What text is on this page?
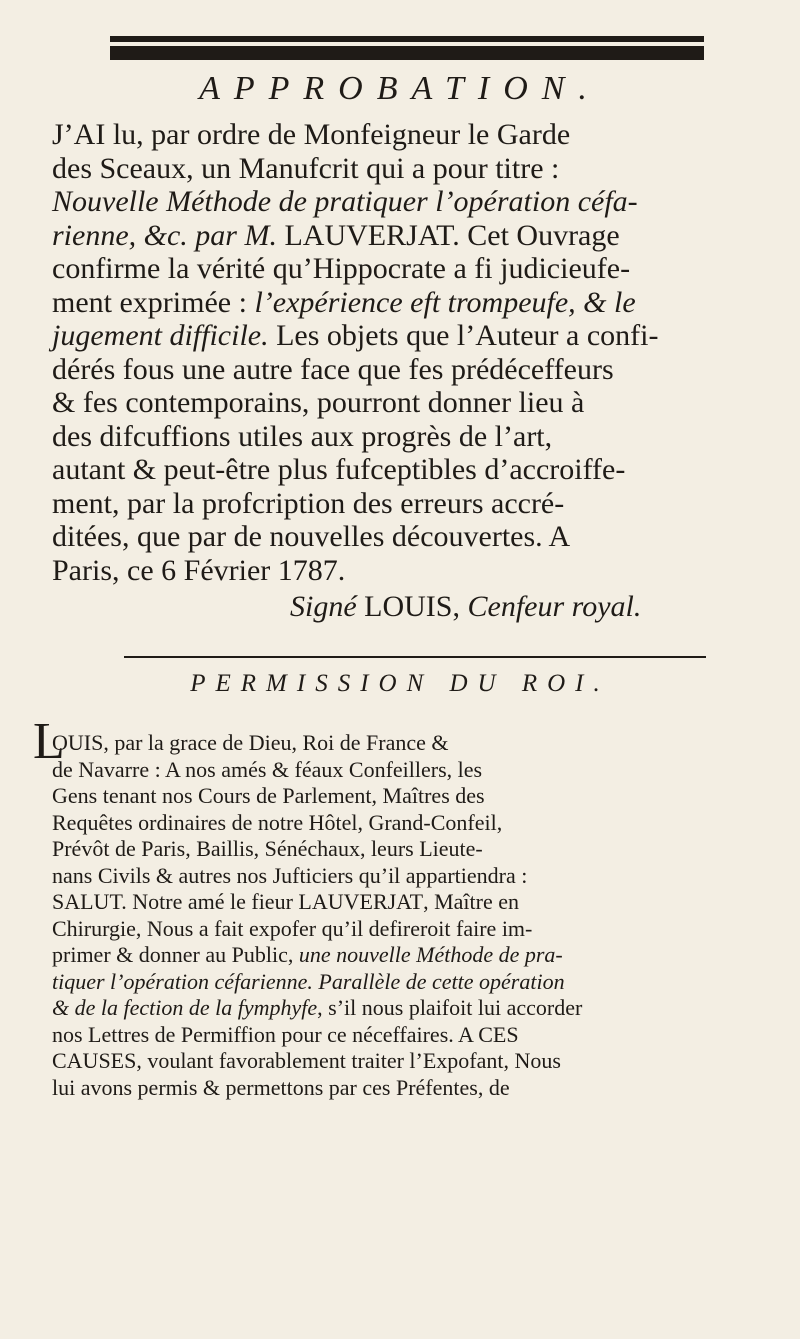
APPROBATION.
J’AI lu, par ordre de Monfeigneur le Garde
des Sceaux, un Manufcrit qui a pour titre :
Nouvelle Méthode de pratiquer l’opération céfa-
rienne, &c. par M. LAUVERJAT. Cet Ouvrage
confirme la vérité qu’Hippocrate a fi judicieufe-
ment exprimée : l’expérience eft trompeufe, & le
jugement difficile. Les objets que l’Auteur a confi-
dérés fous une autre face que fes prédéceffeurs
& fes contemporains, pourront donner lieu à
des difcuffions utiles aux progrès de l’art,
autant & peut-être plus fufceptibles d’accroiffe-
ment, par la profcription des erreurs accré-
ditées, que par de nouvelles découvertes. A
Paris, ce 6 Février 1787.
Signé LOUIS, Cenfeur royal.
PERMISSION DU ROI.
L
OUIS, par la grace de Dieu, Roi de France &
de Navarre : A nos amés & féaux Confeillers, les
Gens tenant nos Cours de Parlement, Maîtres des
Requêtes ordinaires de notre Hôtel, Grand-Confeil,
Prévôt de Paris, Baillis, Sénéchaux, leurs Lieute-
nans Civils & autres nos Jufticiers qu’il appartiendra :
SALUT. Notre amé le fieur LAUVERJAT, Maître en
Chirurgie, Nous a fait expofer qu’il defireroit faire im-
primer & donner au Public, une nouvelle Méthode de pra-
tiquer l’opération céfarienne. Parallèle de cette opération
& de la fection de la fymphyfe, s’il nous plaifoit lui accorder
nos Lettres de Permiffion pour ce néceffaires. A CES
CAUSES, voulant favorablement traiter l’Expofant, Nous
lui avons permis & permettons par ces Préfentes, de
